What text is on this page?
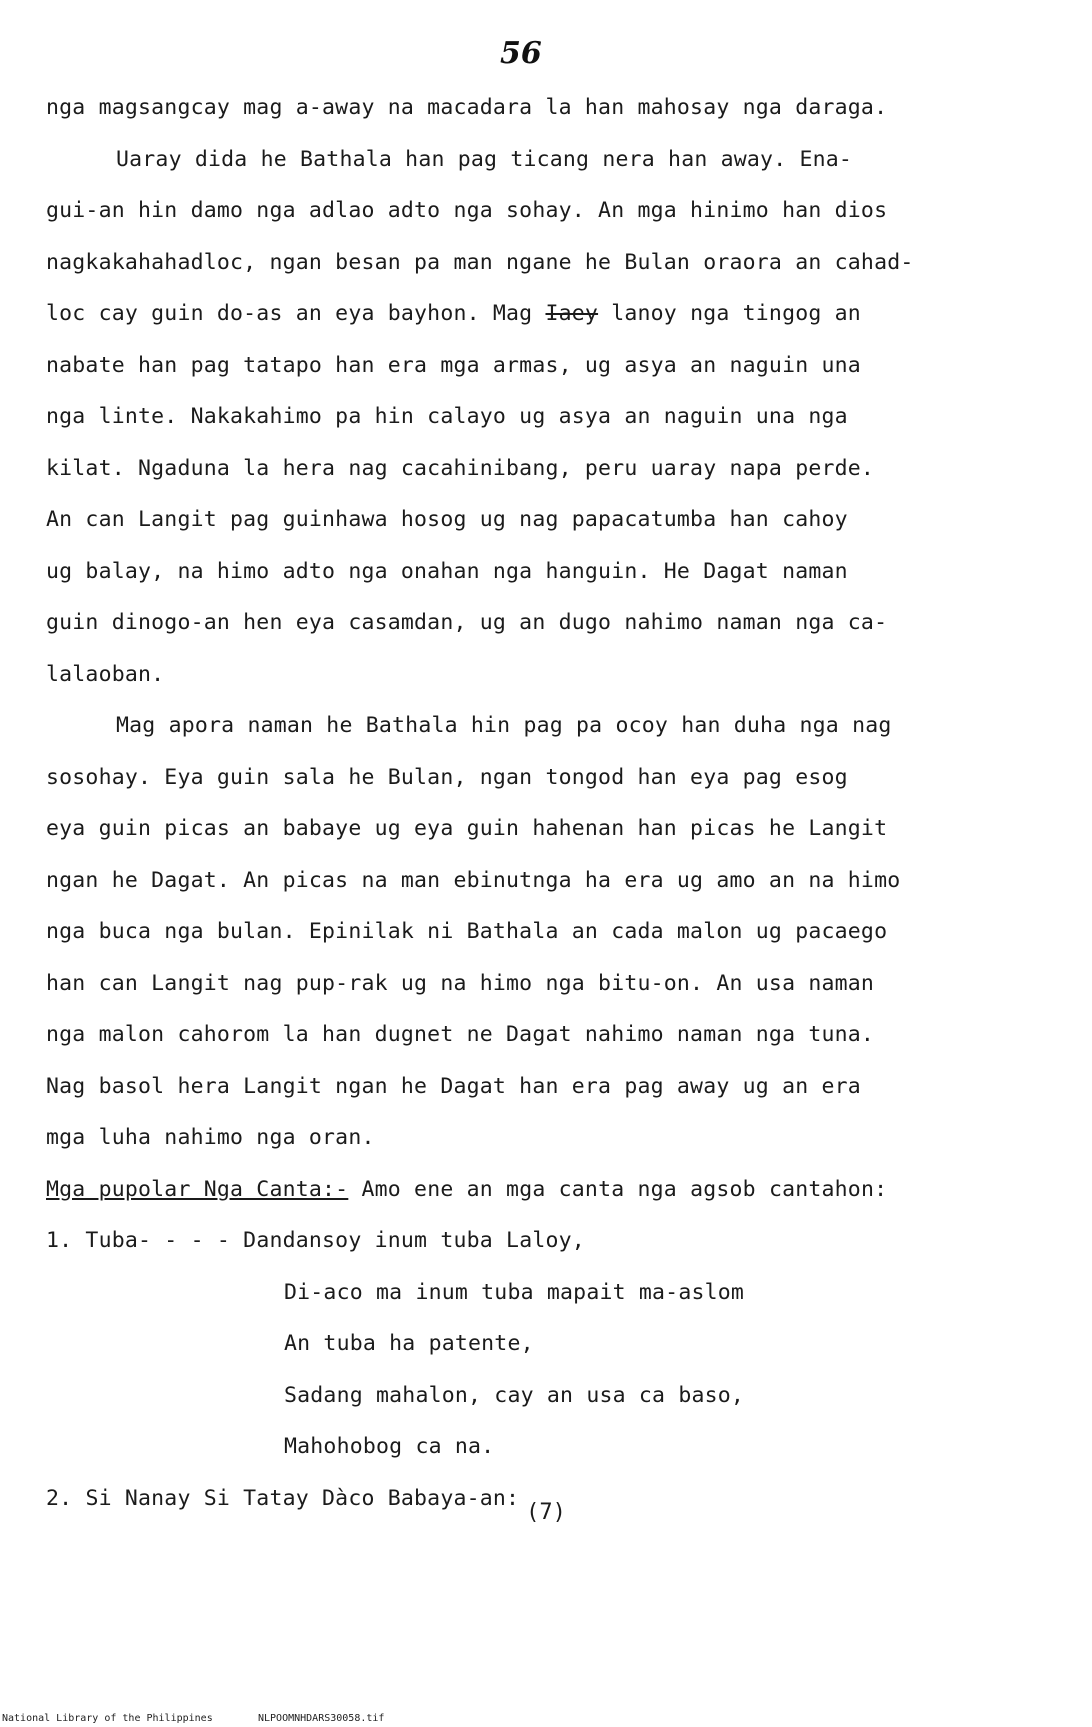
56
nga magsangcay mag a-away na macadara la han mahosay nga daraga.
Uaray dida he Bathala han pag ticang nera han away. Ena-
gui-an hin damo nga adlao adto nga sohay. An mga hinimo han dios
nagkakahahadloc, ngan besan pa man ngane he Bulan oraora an cahad-
loc cay guin do-as an eya bayhon. Mag Iaey lanoy nga tingog an
nabate han pag tatapo han era mga armas, ug asya an naguin una
nga linte. Nakakahimo pa hin calayo ug asya an naguin una nga
kilat. Ngaduna la hera nag cacahinibang, peru uaray napa perde.
An can Langit pag guinhawa hosog ug nag papacatumba han cahoy
ug balay, na himo adto nga onahan nga hanguin. He Dagat naman
guin dinogo-an hen eya casamdan, ug an dugo nahimo naman nga ca-
lalaoban.
Mag apora naman he Bathala hin pag pa ocoy han duha nga nag
sosohay. Eya guin sala he Bulan, ngan tongod han eya pag esog
eya guin picas an babaye ug eya guin hahenan han picas he Langit
ngan he Dagat. An picas na man ebinutnga ha era ug amo an na himo
nga buca nga bulan. Epinilak ni Bathala an cada malon ug pacaego
han can Langit nag pup-rak ug na himo nga bitu-on. An usa naman
nga malon cahorom la han dugnet ne Dagat nahimo naman nga tuna.
Nag basol hera Langit ngan he Dagat han era pag away ug an era
mga luha nahimo nga oran.
Mga pupolar Nga Canta:- Amo ene an mga canta nga agsob cantahon:
1. Tuba- - - - Dandansoy inum tuba Laloy,
Di-aco ma inum tuba mapait ma-aslom
An tuba ha patente,
Sadang mahalon, cay an usa ca baso,
Mahohobog ca na.
2. Si Nanay Si Tatay Dàco Babaya-an:
(7)
National Library of the Philippines	NLPOOMNHDARS30058.tif
